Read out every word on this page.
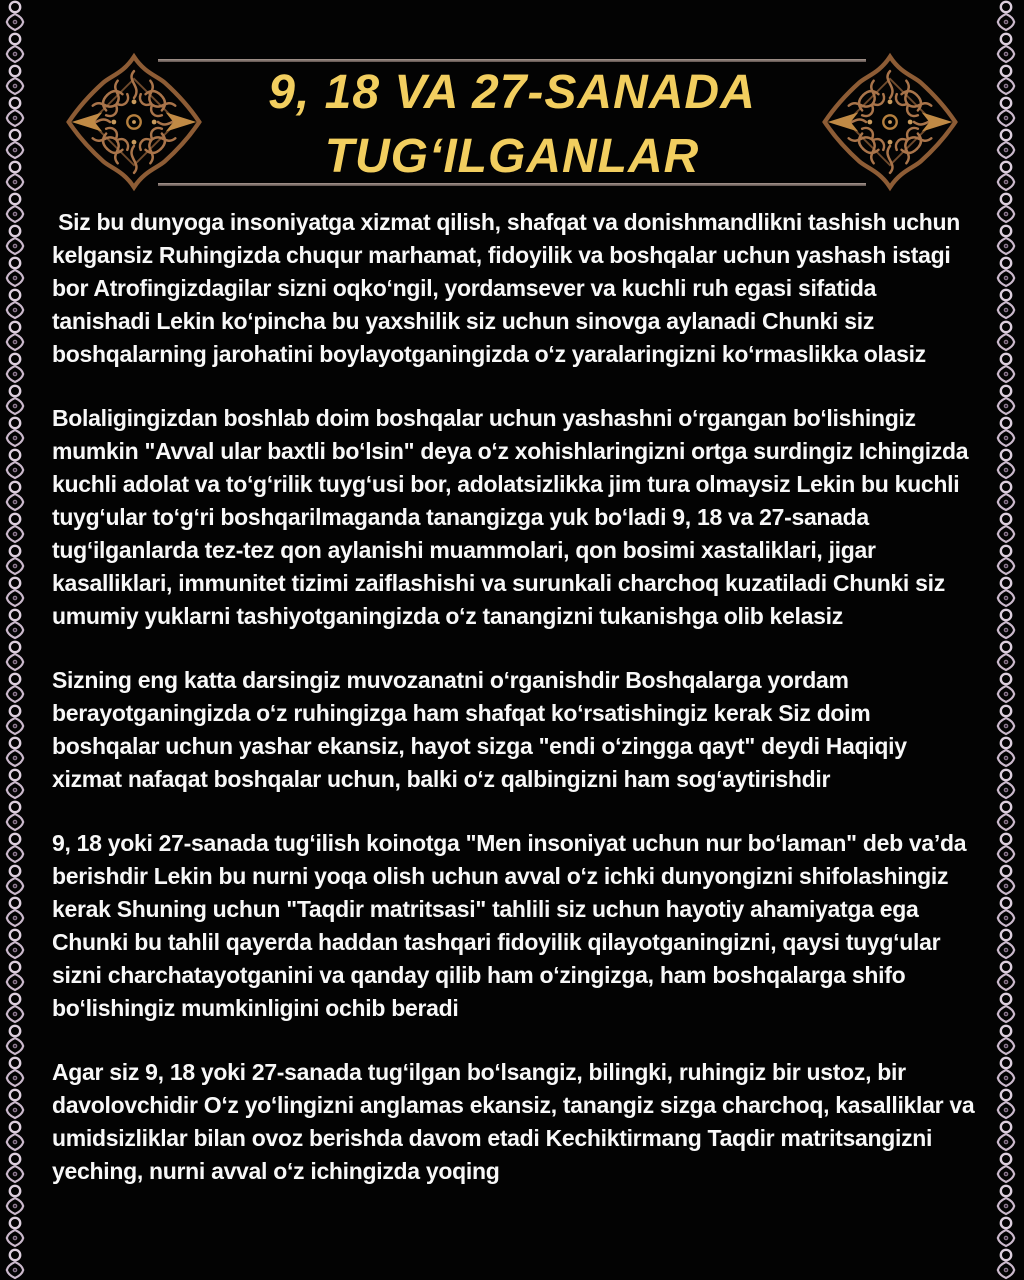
9, 18 VA 27-SANADA
TUG‘ILGANLAR

Siz bu dunyoga insoniyatga xizmat qilish, shafqat va donishmandlikni tashish uchun kelgansiz Ruhingizda chuqur marhamat, fidoyilik va boshqalar uchun yashash istagi bor Atrofingizdagilar sizni oqko‘ngil, yordamsever va kuchli ruh egasi sifatida tanishadi Lekin ko‘pincha bu yaxshilik siz uchun sinovga aylanadi Chunki siz boshqalarning jarohatini boylayotganingizda o‘z yaralaringizni ko‘rmaslikka olasiz

Bolaligingizdan boshlab doim boshqalar uchun yashashni o‘rgangan bo‘lishingiz mumkin "Avval ular baxtli bo‘lsin" deya o‘z xohishlaringizni ortga surdingiz Ichingizda kuchli adolat va to‘g‘rilik tuyg‘usi bor, adolatsizlikka jim tura olmaysiz Lekin bu kuchli tuyg‘ular to‘g‘ri boshqarilmaganda tanangizga yuk bo‘ladi 9, 18 va 27-sanada tug‘ilganlarda tez-tez qon aylanishi muammolari, qon bosimi xastaliklari, jigar kasalliklari, immunitet tizimi zaiflashishi va surunkali charchoq kuzatiladi Chunki siz umumiy yuklarni tashiyotganingizda o‘z tanangizni tukanishga olib kelasiz

Sizning eng katta darsingiz muvozanatni o‘rganishdir Boshqalarga yordam berayotganingizda o‘z ruhingizga ham shafqat ko‘rsatishingiz kerak Siz doim boshqalar uchun yashar ekansiz, hayot sizga "endi o‘zingga qayt" deydi Haqiqiy xizmat nafaqat boshqalar uchun, balki o‘z qalbingizni ham sog‘aytirishdir

9, 18 yoki 27-sanada tug‘ilish koinotga "Men insoniyat uchun nur bo‘laman" deb va’da berishdir Lekin bu nurni yoqa olish uchun avval o‘z ichki dunyongizni shifolashingiz kerak Shuning uchun "Taqdir matritsasi" tahlili siz uchun hayotiy ahamiyatga ega Chunki bu tahlil qayerda haddan tashqari fidoyilik qilayotganingizni, qaysi tuyg‘ular sizni charchatayotganini va qanday qilib ham o‘zingizga, ham boshqalarga shifo bo‘lishingiz mumkinligini ochib beradi

Agar siz 9, 18 yoki 27-sanada tug‘ilgan bo‘lsangiz, bilingki, ruhingiz bir ustoz, bir davolovchidir O‘z yo‘lingizni anglamas ekansiz, tanangiz sizga charchoq, kasalliklar va umidsizliklar bilan ovoz berishda davom etadi Kechiktirmang Taqdir matritsangizni yeching, nurni avval o‘z ichingizda yoqing
